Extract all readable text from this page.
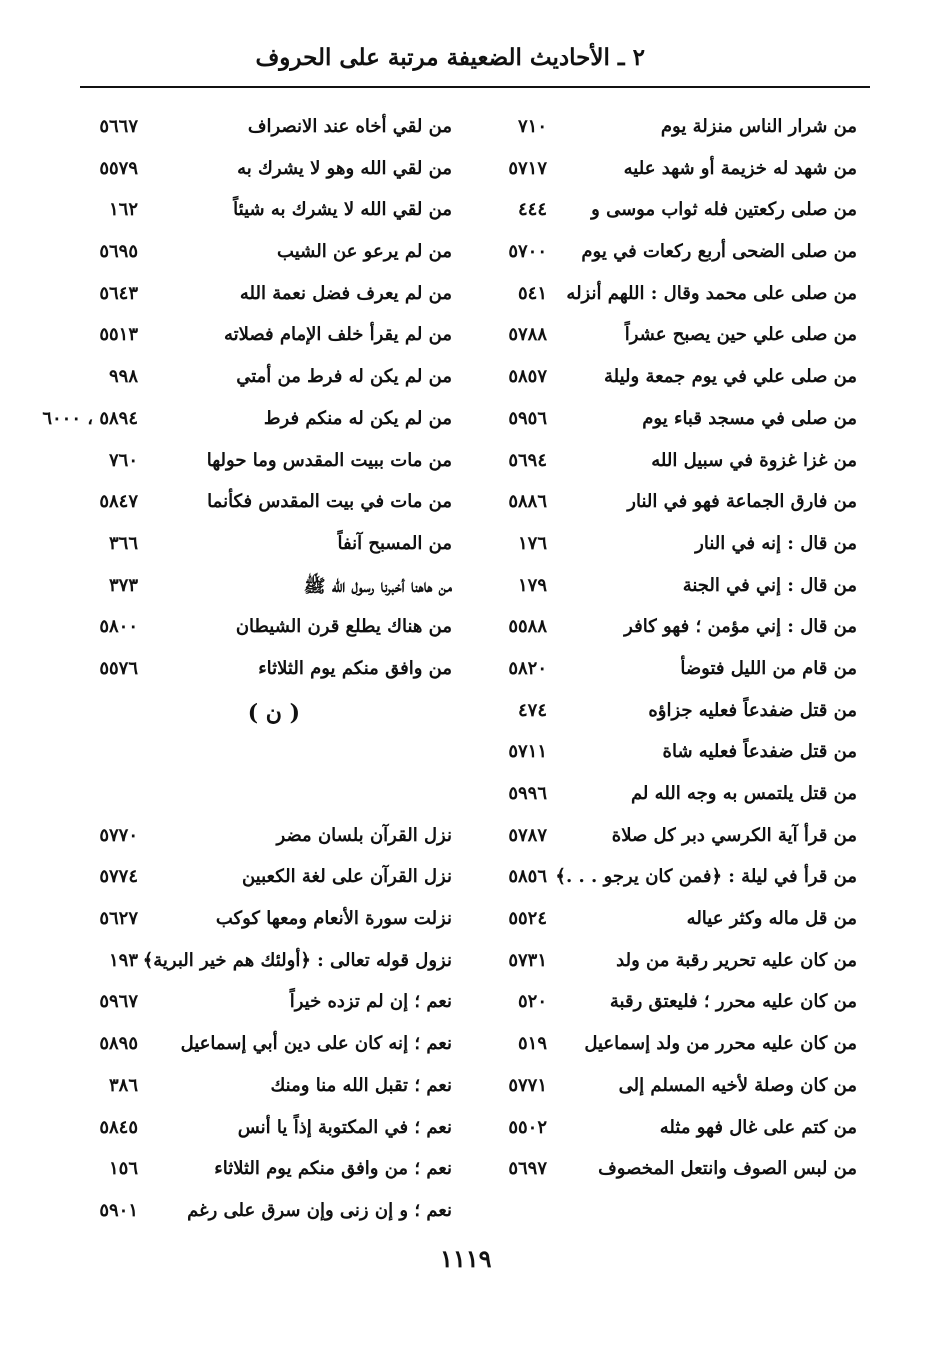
٢ ـ الأحاديث الضعيفة مرتبة على الحروف
من شرار الناس منزلة يوم
٧١٠
من شهد له خزيمة أو شهد عليه
٥٧١٧
من صلى ركعتين فله ثواب موسى و
٤٤٤
من صلى الضحى أربع ركعات في يوم
٥٧٠٠
من صلى على محمد وقال : اللهم أنزله
٥٤١
من صلى علي حين يصبح عشراً
٥٧٨٨
من صلى علي في يوم جمعة وليلة
٥٨٥٧
من صلى في مسجد قباء يوم
٥٩٥٦
من غزا غزوة في سبيل الله
٥٦٩٤
من فارق الجماعة فهو في النار
٥٨٨٦
من قال : إنه في النار
١٧٦
من قال : إني في الجنة
١٧٩
من قال : إني مؤمن ؛ فهو كافر
٥٥٨٨
من قام من الليل فتوضأ
٥٨٢٠
من قتل ضفدعاً فعليه جزاؤه
٤٧٤
من قتل ضفدعاً فعليه شاة
٥٧١١
من قتل يلتمس به وجه الله لم
٥٩٩٦
من قرأ آية الكرسي دبر كل صلاة
٥٧٨٧
من قرأ في ليلة : ﴿فمن كان يرجو . . .﴾
٥٨٥٦
من قل ماله وكثر عياله
٥٥٢٤
من كان عليه تحرير رقبة من ولد
٥٧٣١
من كان عليه محرر ؛ فليعتق رقبة
٥٢٠
من كان عليه محرر من ولد إسماعيل
٥١٩
من كان وصلة لأخيه المسلم إلى
٥٧٧١
من كتم على غال فهو مثله
٥٥٠٢
من لبس الصوف وانتعل المخصوف
٥٦٩٧
من لقي أخاه عند الانصراف
٥٦٦٧
من لقي الله وهو لا يشرك به
٥٥٧٩
من لقي الله لا يشرك به شيئاً
١٦٢
من لم يرعو عن الشيب
٥٦٩٥
من لم يعرف فضل نعمة الله
٥٦٤٣
من لم يقرأ خلف الإمام فصلاته
٥٥١٣
من لم يكن له فرط من أمتي
٩٩٨
من لم يكن له منكم فرط
٥٨٩٤ ، ٦٠٠٠
من مات ببيت المقدس وما حولها
٧٦٠
من مات في بيت المقدس فكأنما
٥٨٤٧
من المسبح آنفاً
٣٦٦
من هاهنا أخبرنا رسول الله ﷺ
٣٧٣
من هناك يطلع قرن الشيطان
٥٨٠٠
من وافق منكم يوم الثلاثاء
٥٥٧٦
( ن )
نزل القرآن بلسان مضر
٥٧٧٠
نزل القرآن على لغة الكعبين
٥٧٧٤
نزلت سورة الأنعام ومعها كوكب
٥٦٢٧
نزول قوله تعالى : ﴿أولئك هم خير البرية﴾
١٩٣
نعم ؛ إن لم تزده خيراً
٥٩٦٧
نعم ؛ إنه كان على دين أبي إسماعيل
٥٨٩٥
نعم ؛ تقبل الله منا ومنك
٣٨٦
نعم ؛ في المكتوبة إذاً يا أنس
٥٨٤٥
نعم ؛ من وافق منكم يوم الثلاثاء
١٥٦
نعم ؛ و إن زنى وإن سرق على رغم
٥٩٠١
١١١٩
